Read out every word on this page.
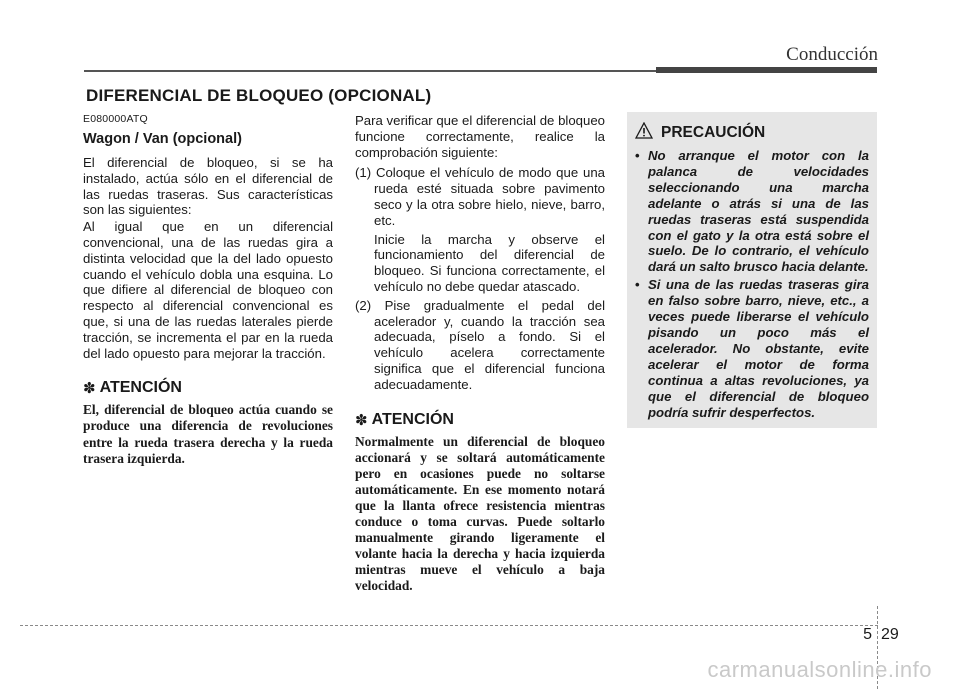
Conducción
DIFERENCIAL DE BLOQUEO (OPCIONAL)
E080000ATQ
Wagon / Van (opcional)

El diferencial de bloqueo, si se ha instalado, actúa sólo en el diferencial de las ruedas traseras. Sus características son las siguientes:

Al igual que en un diferencial convencional, una de las ruedas gira a distinta velocidad que la del lado opuesto cuando el vehículo dobla una esquina. Lo que difiere al diferencial de bloqueo con respecto al diferencial convencional es que, si una de las ruedas laterales pierde tracción, se incrementa el par en la rueda del lado opuesto para mejorar la tracción.

✽ ATENCIÓN

El, diferencial de bloqueo actúa cuando se produce una diferencia de revoluciones entre la rueda trasera derecha y la rueda trasera izquierda.

Para verificar que el diferencial de bloqueo funcione correctamente, realice la comprobación siguiente:

(1) Coloque el vehículo de modo que una rueda esté situada sobre pavimento seco y la otra sobre hielo, nieve, barro, etc.
Inicie la marcha y observe el funcionamiento del diferencial de bloqueo. Si funciona correctamente, el vehículo no debe quedar atascado.
(2) Pise gradualmente el pedal del acelerador y, cuando la tracción sea adecuada, píselo a fondo. Si el vehículo acelera correctamente significa que el diferencial funciona adecuadamente.
✽ ATENCIÓN

Normalmente un diferencial de bloqueo accionará y se soltará automáticamente pero en ocasiones puede no soltarse automáticamente. En ese momento notará que la llanta ofrece resistencia mientras conduce o toma curvas. Puede soltarlo manualmente girando ligeramente el volante hacia la derecha y hacia izquierda mientras mueve el vehículo a baja velocidad.

PRECAUCIÓN
• No arranque el motor con la palanca de velocidades seleccionando una marcha adelante o atrás si una de las ruedas traseras está suspendida con el gato y la otra está sobre el suelo. De lo contrario, el vehículo dará un salto brusco hacia delante.
• Si una de las ruedas traseras gira en falso sobre barro, nieve, etc., a veces puede liberarse el vehículo pisando un poco más el acelerador. No obstante, evite acelerar el motor de forma continua a altas revoluciones, ya que el diferencial de bloqueo podría sufrir desperfectos.
5 29
carmanualsonline.info
